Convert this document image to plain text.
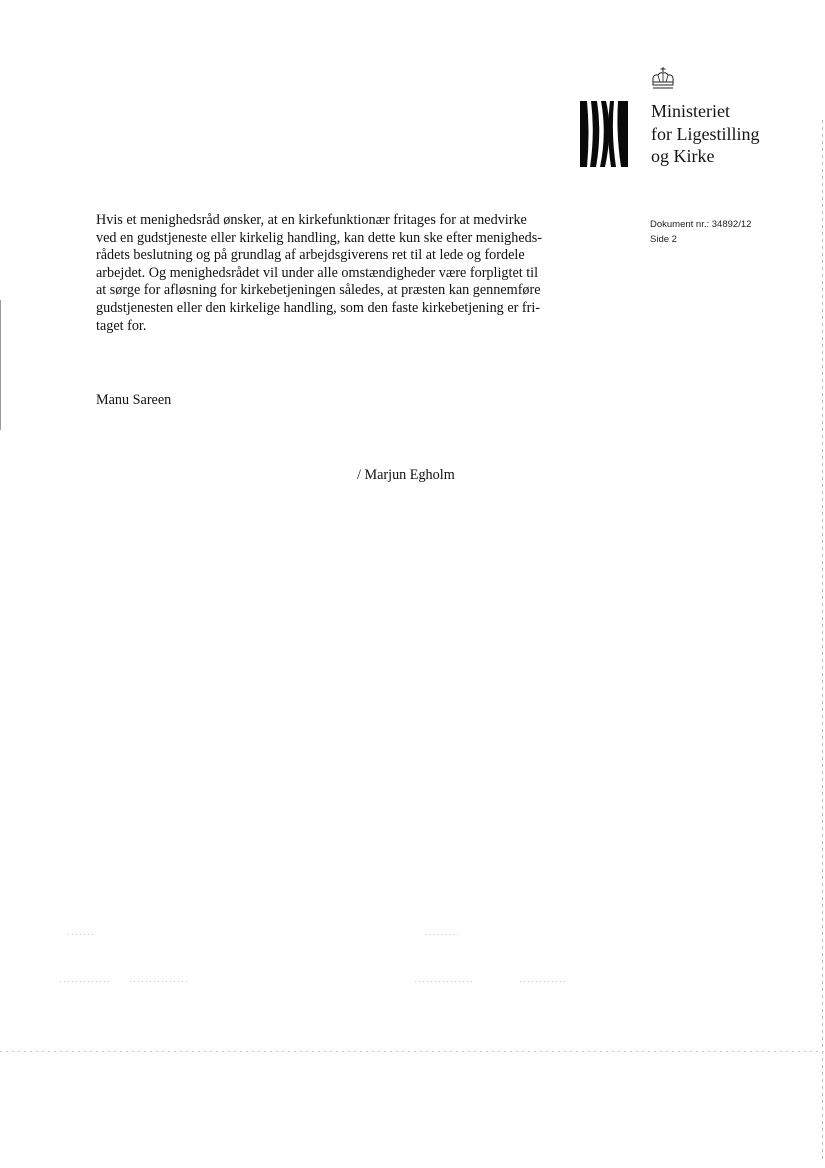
Ministeriet
for Ligestilling
og Kirke
Dokument nr.: 34892/12
Side 2
Hvis et menighedsråd ønsker, at en kirkefunktionær fritages for at medvirke
ved en gudstjeneste eller kirkelig handling, kan dette kun ske efter menigheds-
rådets beslutning og på grundlag af arbejdsgiverens ret til at lede og fordele
arbejdet. Og menighedsrådet vil under alle omstændigheder være forpligtet til
at sørge for afløsning for kirkebetjeningen således, at præsten kan gennemføre
gudstjenesten eller den kirkelige handling, som den faste kirkebetjening er fri-
taget for.
Manu Sareen
/ Marjun Egholm
